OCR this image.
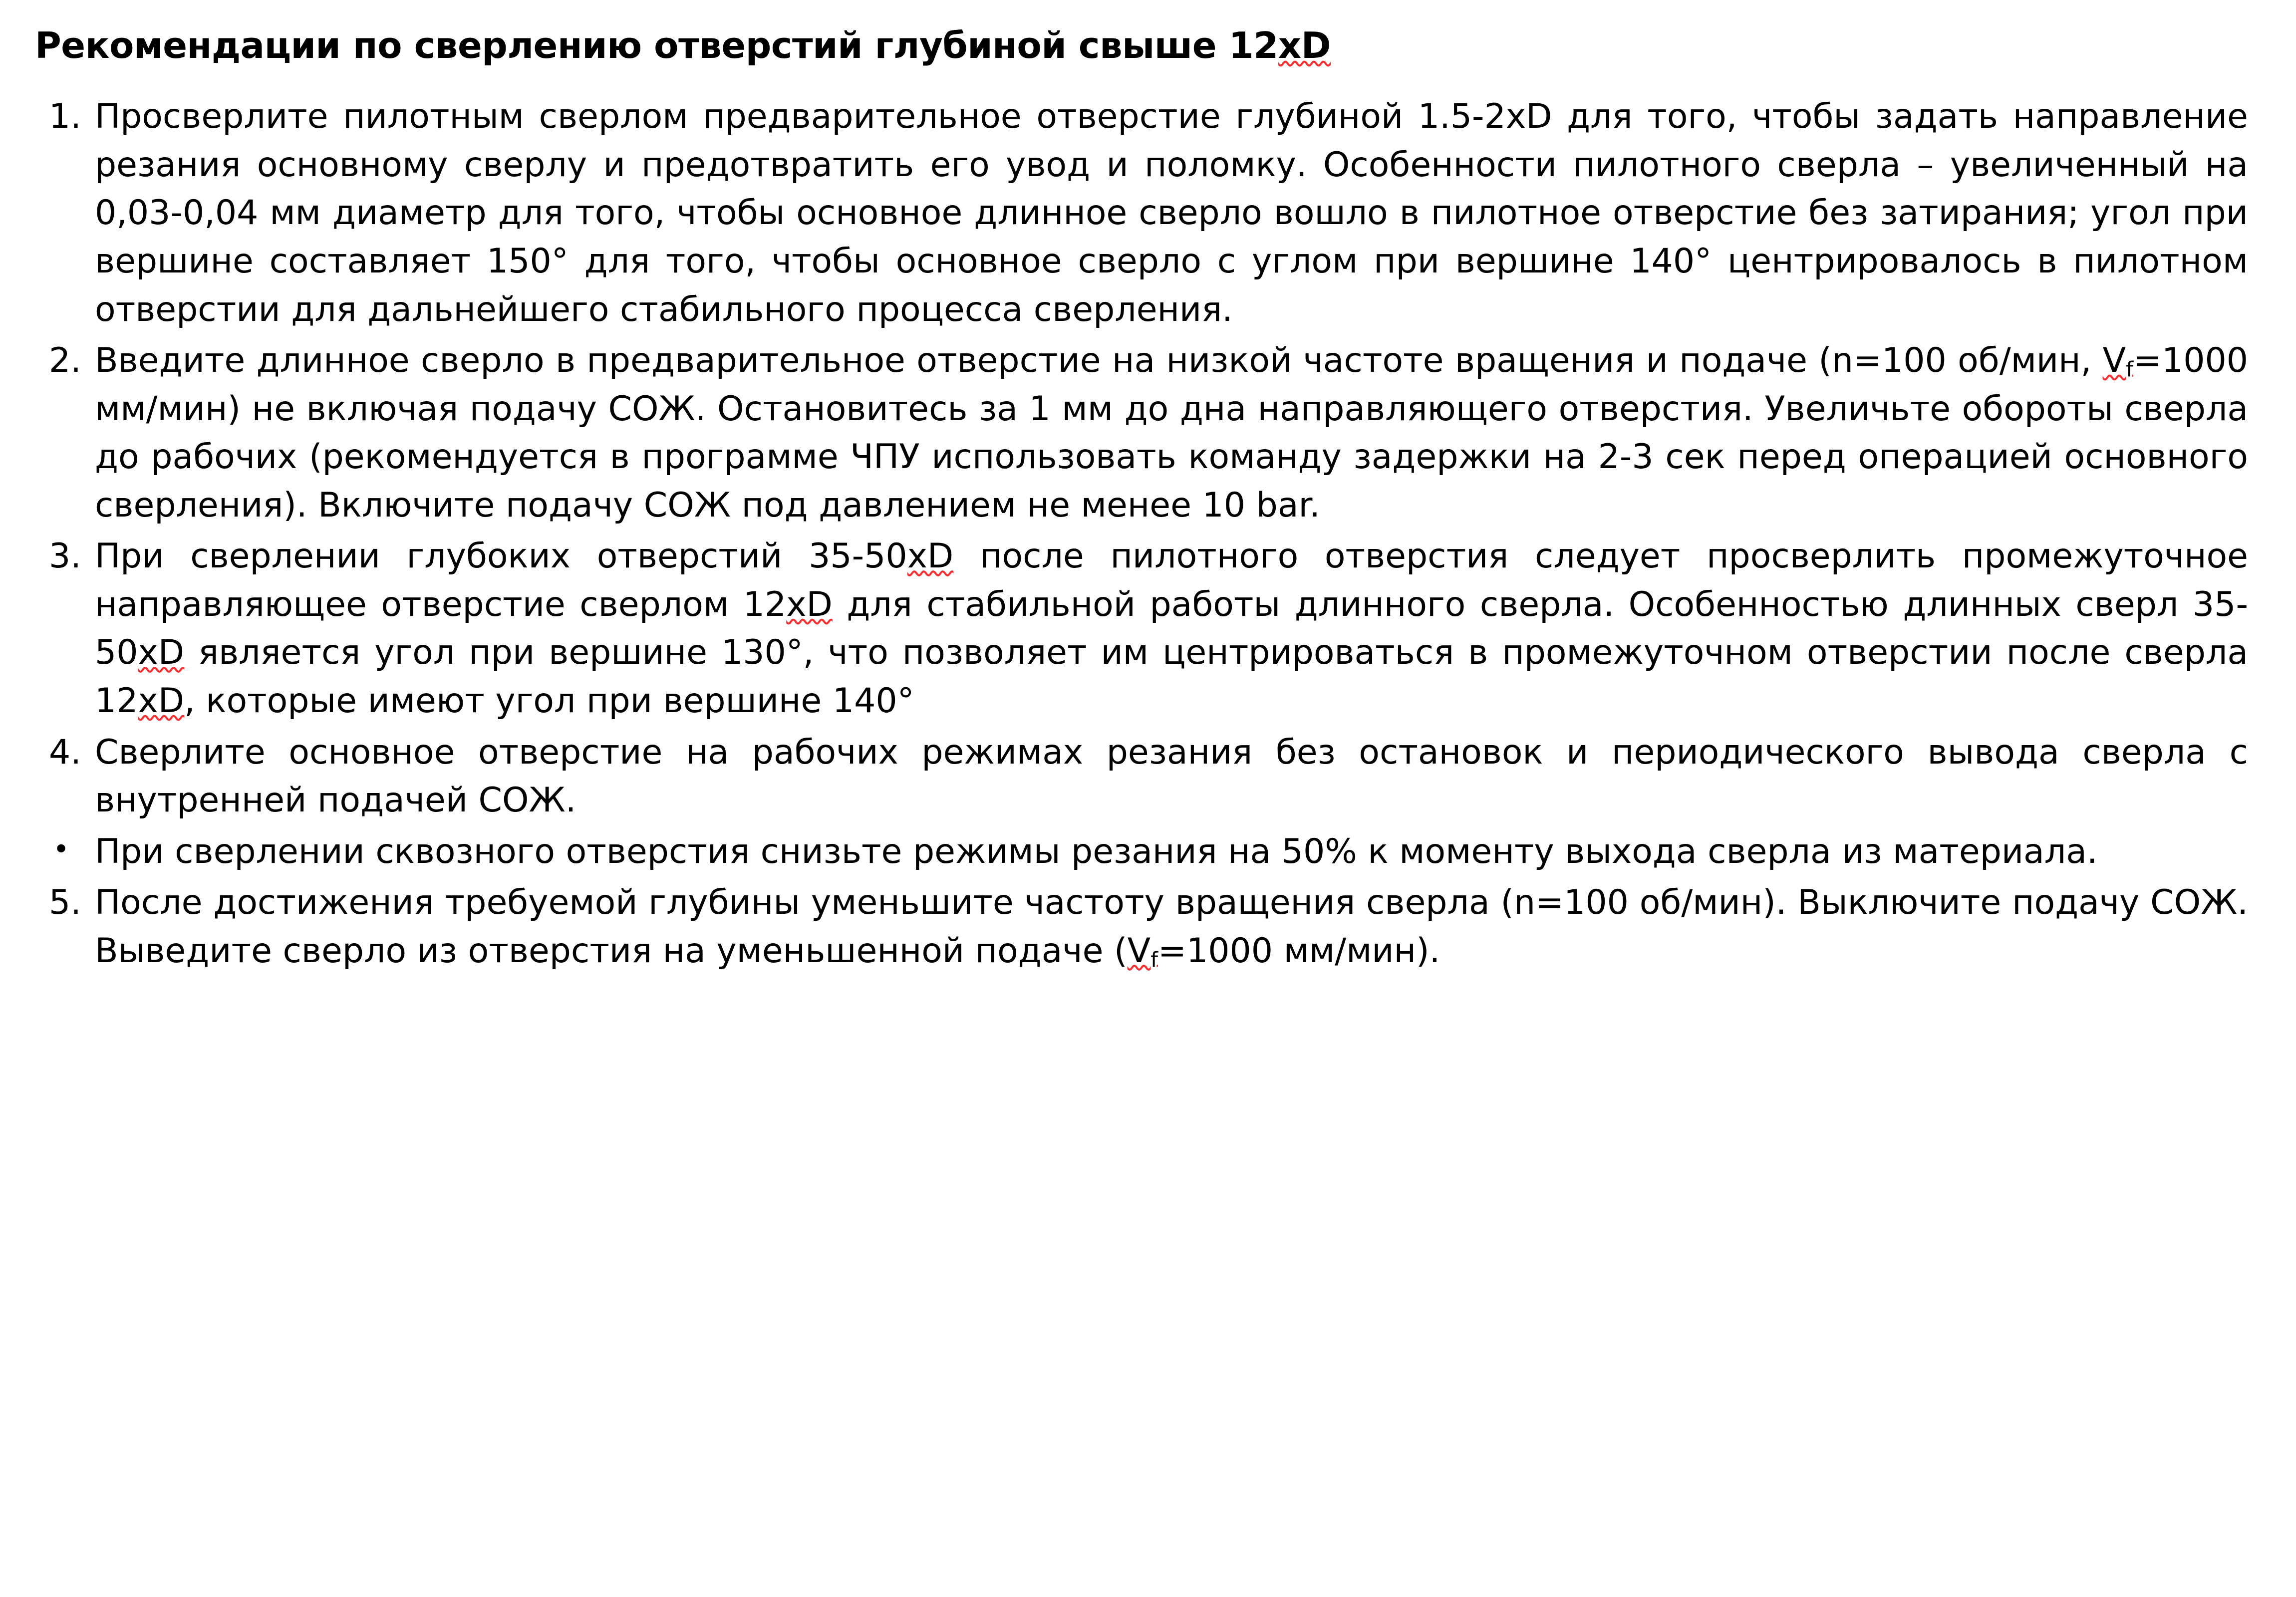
Рекомендации по сверлению отверстий глубиной свыше 12xD
1. Просверлите пилотным сверлом предварительное отверстие глубиной 1.5-2xD для того, чтобы задать направление резания основному сверлу и предотвратить его увод и поломку. Особенности пилотного сверла – увеличенный на 0,03-0,04 мм диаметр для того, чтобы основное длинное сверло вошло в пилотное отверстие без затирания; угол при вершине составляет 150° для того, чтобы основное сверло с углом при вершине 140° центрировалось в пилотном отверстии для дальнейшего стабильного процесса сверления.
2. Введите длинное сверло в предварительное отверстие на низкой частоте вращения и подаче (n=100 об/мин, $V_f=1000$ мм/мин) не включая подачу СОЖ. Остановитесь за 1 мм до дна направляющего отверстия. Увеличьте обороты сверла до рабочих (рекомендуется в программе ЧПУ использовать команду задержки на 2-3 сек перед операцией основного сверления). Включите подачу СОЖ под давлением не менее 10 bar.
3. При сверлении глубоких отверстий 35-50xD после пилотного отверстия следует просверлить промежуточное направляющее отверстие сверлом 12xD для стабильной работы длинного сверла. Особенностью длинных сверл 35-50xD является угол при вершине 130°, что позволяет им центрироваться в промежуточном отверстии после сверла 12xD, которые имеют угол при вершине 140°
4. Сверлите основное отверстие на рабочих режимах резания без остановок и периодического вывода сверла с внутренней подачей СОЖ.
• При сверлении сквозного отверстия снизьте режимы резания на 50% к моменту выхода сверла из материала.
5. После достижения требуемой глубины уменьшите частоту вращения сверла (n=100 об/мин). Выключите подачу СОЖ. Выведите сверло из отверстия на уменьшенной подаче ($V_f=1000$ мм/мин).
